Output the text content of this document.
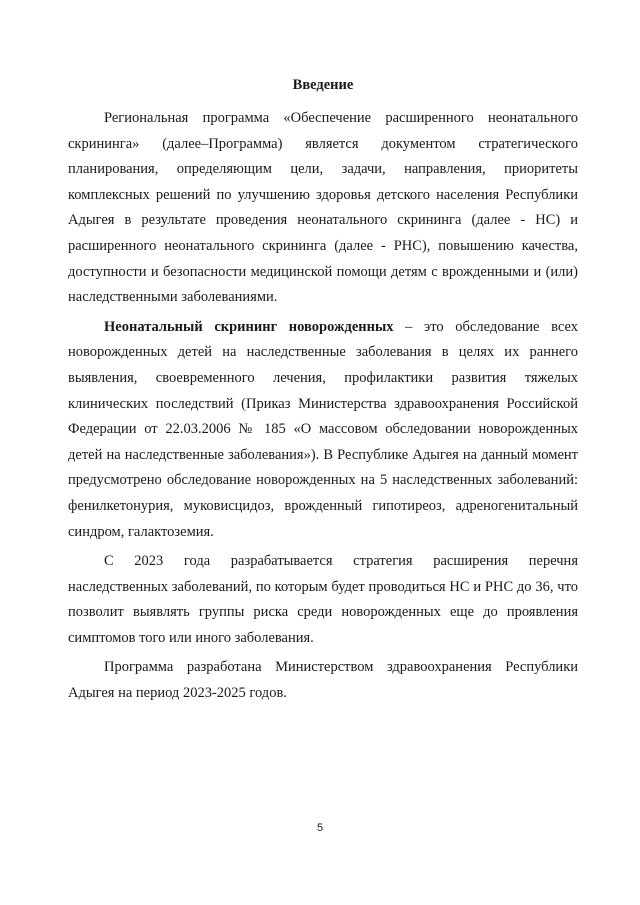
Введение

Региональная программа «Обеспечение расширенного неонатального скрининга» (далее–Программа) является документом стратегического планирования, определяющим цели, задачи, направления, приоритеты комплексных решений по улучшению здоровья детского населения Республики Адыгея в результате проведения неонатального скрининга (далее - НС) и расширенного неонатального скрининга (далее - РНС), повышению качества, доступности и безопасности медицинской помощи детям с врожденными и (или) наследственными заболеваниями.

Неонатальный скрининг новорожденных – это обследование всех новорожденных детей на наследственные заболевания в целях их раннего выявления, своевременного лечения, профилактики развития тяжелых клинических последствий (Приказ Министерства здравоохранения Российской Федерации от 22.03.2006 № 185 «О массовом обследовании новорожденных детей на наследственные заболевания»). В Республике Адыгея на данный момент предусмотрено обследование новорожденных на 5 наследственных заболеваний: фенилкетонурия, муковисцидоз, врожденный гипотиреоз, адреногенитальный синдром, галактоземия.

С 2023 года разрабатывается стратегия расширения перечня наследственных заболеваний, по которым будет проводиться НС и РНС до 36, что позволит выявлять группы риска среди новорожденных еще до проявления симптомов того или иного заболевания.

Программа разработана Министерством здравоохранения Республики Адыгея на период 2023-2025 годов.

5
